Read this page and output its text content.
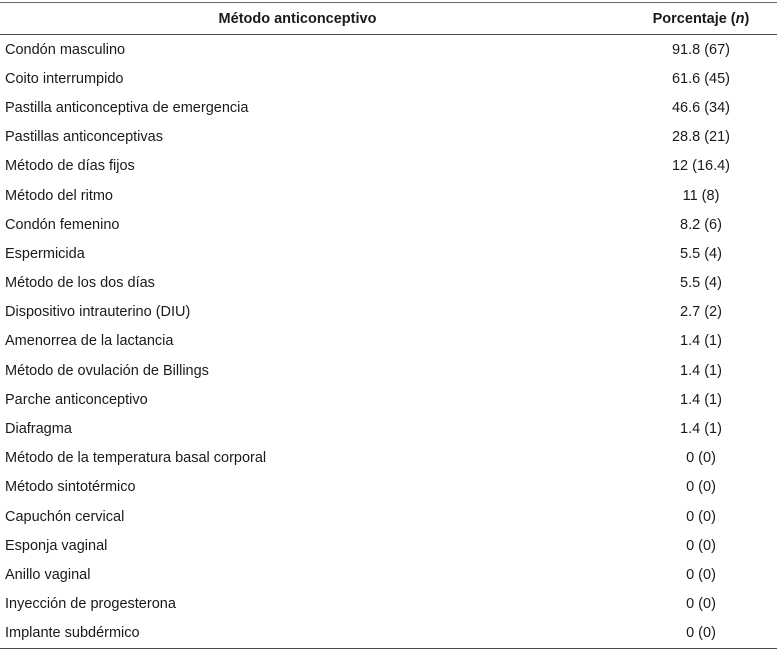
Método anticonceptivo	Porcentaje (n)
Condón masculino	91.8 (67)
Coito interrumpido	61.6 (45)
Pastilla anticonceptiva de emergencia	46.6 (34)
Pastillas anticonceptivas	28.8 (21)
Método de días fijos	12 (16.4)
Método del ritmo	11 (8)
Condón femenino	8.2 (6)
Espermicida	5.5 (4)
Método de los dos días	5.5 (4)
Dispositivo intrauterino (DIU)	2.7 (2)
Amenorrea de la lactancia	1.4 (1)
Método de ovulación de Billings	1.4 (1)
Parche anticonceptivo	1.4 (1)
Diafragma	1.4 (1)
Método de la temperatura basal corporal	0 (0)
Método sintotérmico	0 (0)
Capuchón cervical	0 (0)
Esponja vaginal	0 (0)
Anillo vaginal	0 (0)
Inyección de progesterona	0 (0)
Implante subdérmico	0 (0)
